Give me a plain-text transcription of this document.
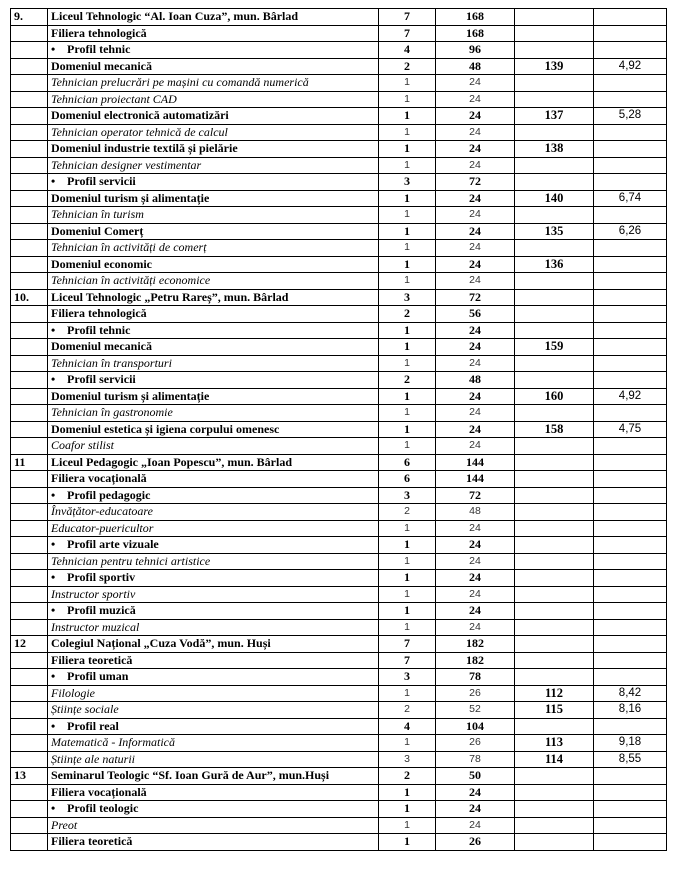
9.	Liceul Tehnologic “Al. Ioan Cuza”, mun. Bârlad	7	168		
	Filiera tehnologică	7	168		
	• Profil tehnic	4	96		
	Domeniul mecanică	2	48	139	4,92
	Tehnician prelucrări pe mașini cu comandă numerică	1	24		
	Tehnician proiectant CAD	1	24		
	Domeniul electronică automatizări	1	24	137	5,28
	Tehnician operator tehnică de calcul	1	24		
	Domeniul industrie textilă și pielărie	1	24	138	
	Tehnician designer vestimentar	1	24		
	• Profil servicii	3	72		
	Domeniul turism și alimentație	1	24	140	6,74
	Tehnician în turism	1	24		
	Domeniul Comerț	1	24	135	6,26
	Tehnician în activități de comerț	1	24		
	Domeniul economic	1	24	136	
	Tehnician în activități economice	1	24		
10.	Liceul Tehnologic „Petru Rareș”, mun. Bârlad	3	72		
	Filiera tehnologică	2	56		
	• Profil tehnic	1	24		
	Domeniul mecanică	1	24	159	
	Tehnician în transporturi	1	24		
	• Profil servicii	2	48		
	Domeniul turism și alimentație	1	24	160	4,92
	Tehnician în gastronomie	1	24		
	Domeniul estetica și igiena corpului omenesc	1	24	158	4,75
	Coafor stilist	1	24		
11	Liceul Pedagogic „Ioan Popescu”, mun. Bârlad	6	144		
	Filiera vocațională	6	144		
	• Profil pedagogic	3	72		
	Învățător-educatoare	2	48		
	Educator-puericultor	1	24		
	• Profil arte vizuale	1	24		
	Tehnician pentru tehnici artistice	1	24		
	• Profil sportiv	1	24		
	Instructor sportiv	1	24		
	• Profil muzică	1	24		
	Instructor muzical	1	24		
12	Colegiul Național „Cuza Vodă”, mun. Huși	7	182		
	Filiera teoretică	7	182		
	• Profil uman	3	78		
	Filologie	1	26	112	8,42
	Științe sociale	2	52	115	8,16
	• Profil real	4	104		
	Matematică - Informatică	1	26	113	9,18
	Științe ale naturii	3	78	114	8,55
13	Seminarul Teologic “Sf. Ioan Gură de Aur”, mun.Huși	2	50		
	Filiera vocațională	1	24		
	• Profil teologic	1	24		
	Preot	1	24		
	Filiera teoretică	1	26		
